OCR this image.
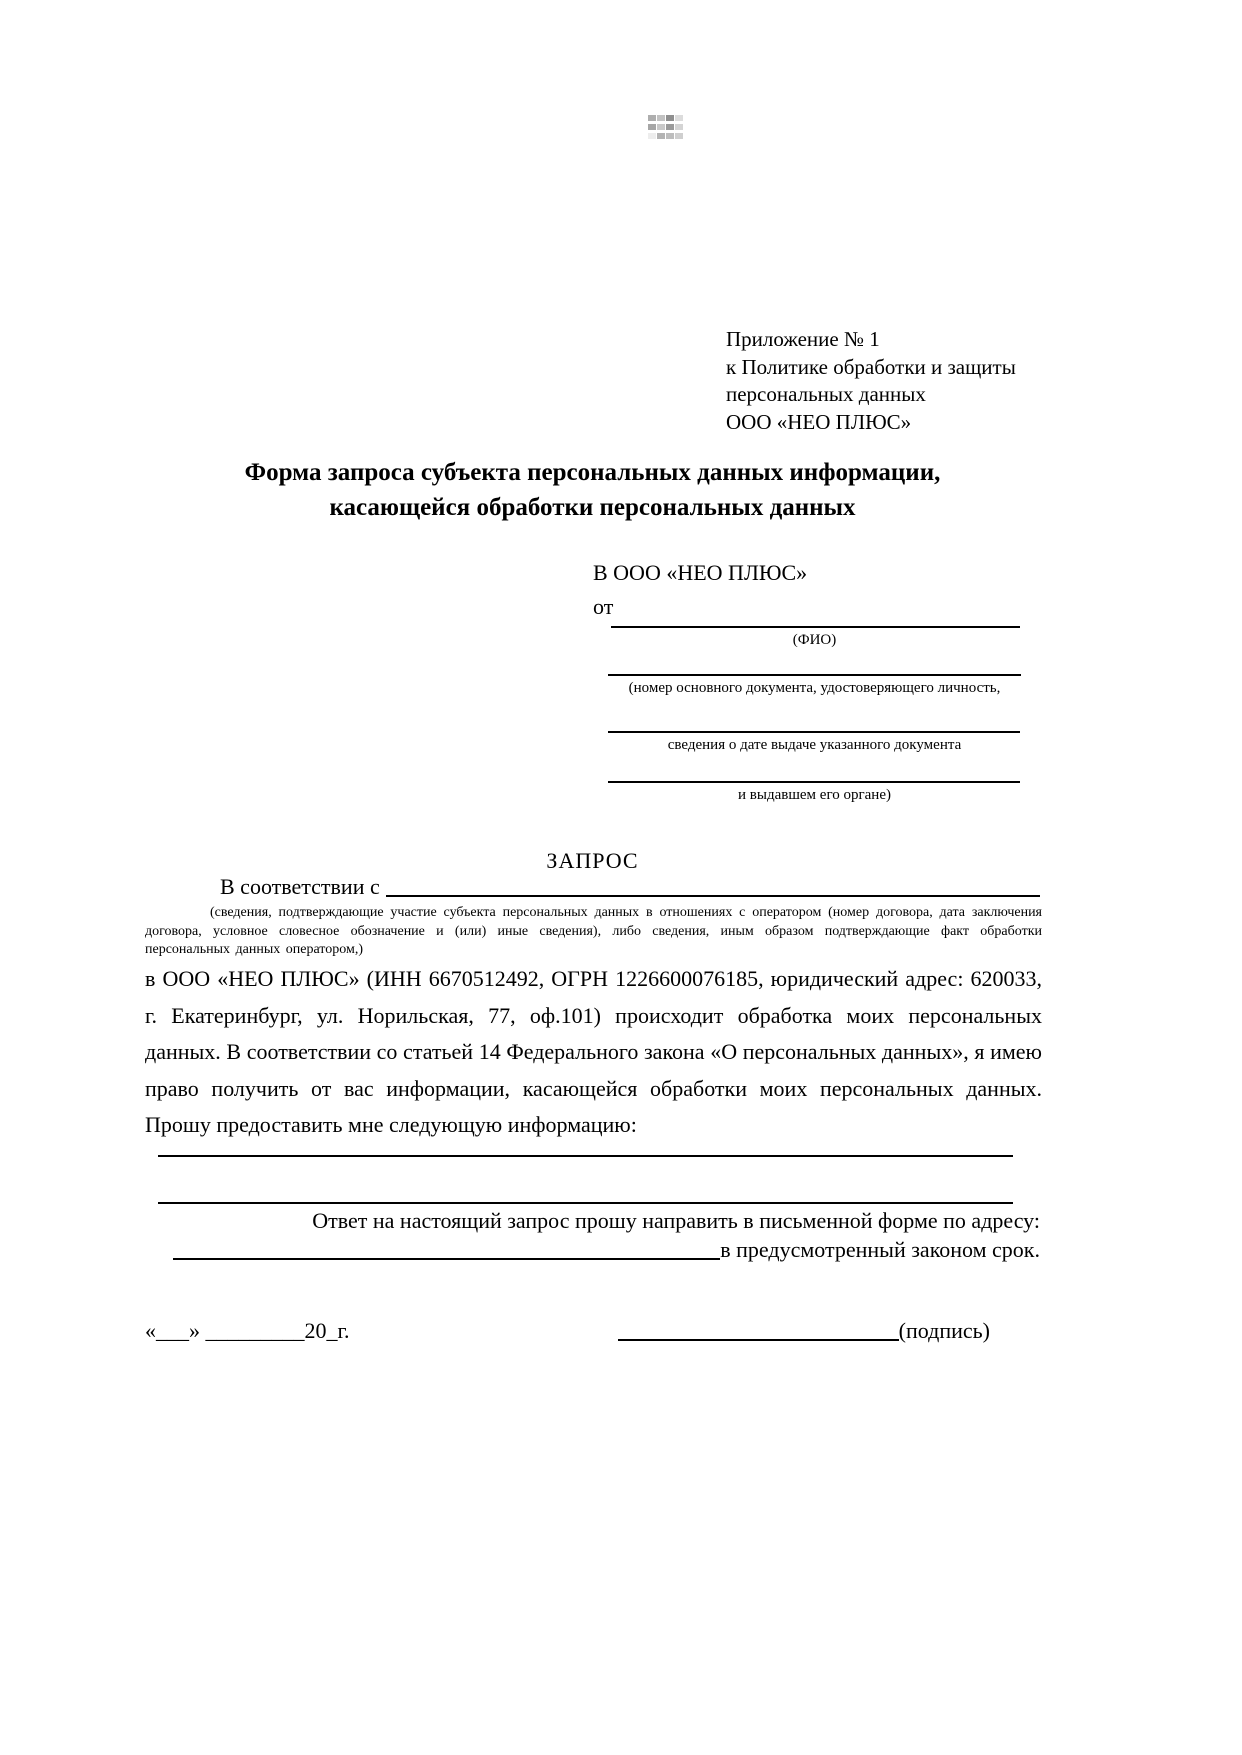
Приложение № 1
к Политике обработки и защиты
персональных данных
ООО «НЕО ПЛЮС»
Форма запроса субъекта персональных данных информации,
касающейся обработки персональных данных
В ООО «НЕО ПЛЮС»
от
(ФИО)
(номер основного документа, удостоверяющего личность,
сведения о дате выдаче указанного документа
и выдавшем его органе)
ЗАПРОС
В соответствии с
(сведения, подтверждающие участие субъекта персональных данных в отношениях с оператором (номер договора, дата заключения договора, условное словесное обозначение и (или) иные сведения), либо сведения, иным образом подтверждающие факт обработки персональных данных оператором,)
в ООО «НЕО ПЛЮС» (ИНН 6670512492, ОГРН 1226600076185, юридический адрес: 620033, г. Екатеринбург, ул. Норильская, 77, оф.101) происходит обработка моих персональных данных. В соответствии со статьей 14 Федерального закона «О персональных данных», я имею право получить от вас информации, касающейся обработки моих персональных данных. Прошу предоставить мне следующую информацию:
Ответ на настоящий запрос прошу направить в письменной форме по адресу:
в предусмотренный законом срок.
«___» _________20_г.	(подпись)
